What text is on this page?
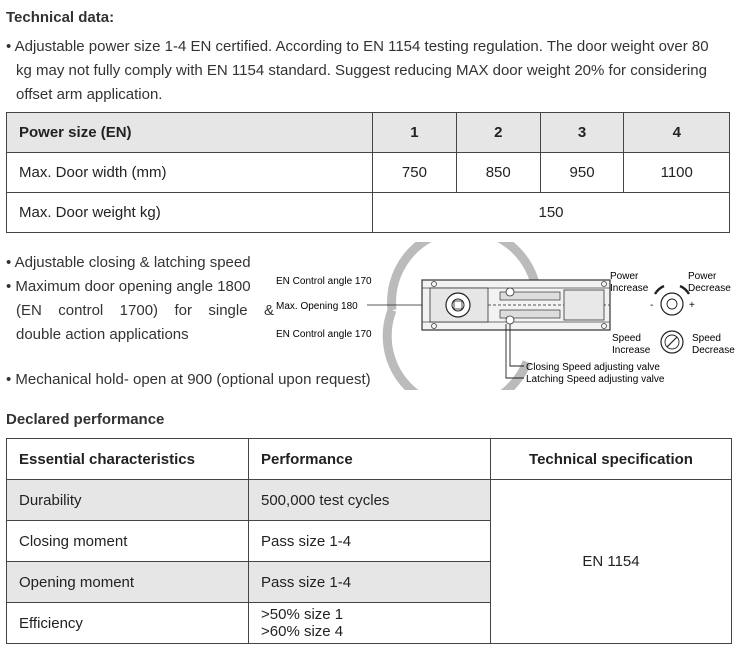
Technical data:
• Adjustable power size 1-4 EN certified. According to EN 1154 testing regulation. The door weight over 80
kg may not fully comply with EN 1154 standard. Suggest reducing MAX door weight 20% for considering
offset arm application.
Power size (EN)	1	2	3	4
Max. Door width (mm)	750	850	950	1100
Max. Door weight kg)	150			
• Adjustable closing & latching speed
• Maximum door opening angle 1800
(EN control 1700) for single &
double action applications
• Mechanical hold- open at 900 (optional upon request)
EN Control angle 170
Max. Opening 180
EN Control angle 170
Power
Increase
Power
Decrease
-	+
Speed
Increase
Speed
Decrease
Closing Speed adjusting valve
Latching Speed adjusting valve
Declared performance
Essential characteristics	Performance	Technical specification
Durability	500,000 test cycles	EN 1154
Closing moment	Pass size 1-4	
Opening moment	Pass size 1-4	
Efficiency	>50% size 1
>60% size 4	
